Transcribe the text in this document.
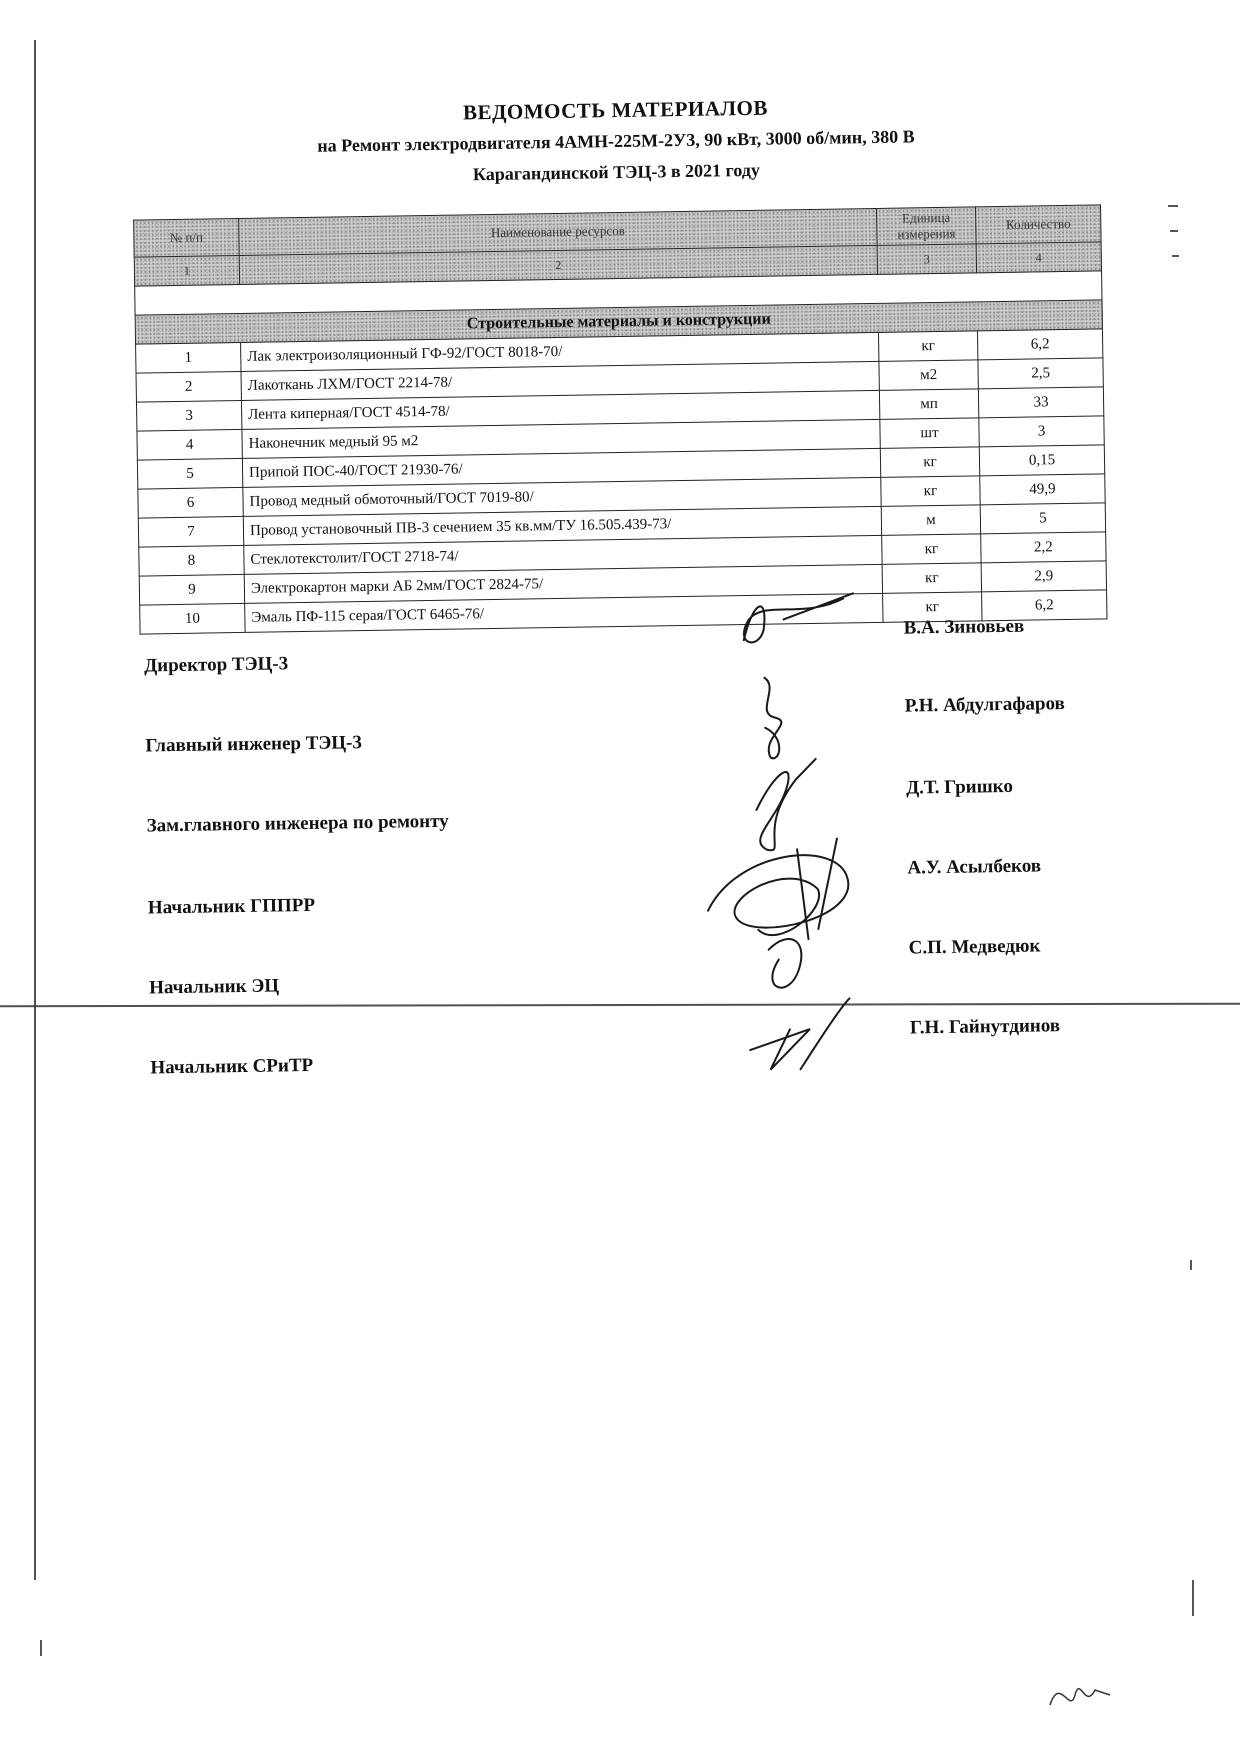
ВЕДОМОСТЬ МАТЕРИАЛОВ
на Ремонт электродвигателя 4АМН-225М-2У3, 90 кВт, 3000 об/мин, 380 В
Карагандинской ТЭЦ-3 в 2021 году
№ п/п	Наименование ресурсов	Единица измерения	Количество
1	2	3	4

Строительные материалы и конструкции			
1	Лак электроизоляционный ГФ-92/ГОСТ 8018-70/	кг	6,2
2	Лакоткань ЛХМ/ГОСТ 2214-78/	м2	2,5
3	Лента киперная/ГОСТ 4514-78/	мп	33
4	Наконечник медный 95 м2	шт	3
5	Припой ПОС-40/ГОСТ 21930-76/	кг	0,15
6	Провод медный обмоточный/ГОСТ 7019-80/	кг	49,9
7	Провод установочный ПВ-3 сечением 35 кв.мм/ТУ 16.505.439-73/	м	5
8	Стеклотекстолит/ГОСТ 2718-74/	кг	2,2
9	Электрокартон марки АБ 2мм/ГОСТ 2824-75/	кг	2,9
10	Эмаль ПФ-115 серая/ГОСТ 6465-76/	кг	6,2
Директор ТЭЦ-3
В.А. Зиновьев
Главный инженер ТЭЦ-3
Р.Н. Абдулгафаров
Зам.главного инженера по ремонту
Д.Т. Гришко
Начальник ГППРР
А.У. Асылбеков
Начальник ЭЦ
С.П. Медведюк
Начальник СРиТР
Г.Н. Гайнутдинов
